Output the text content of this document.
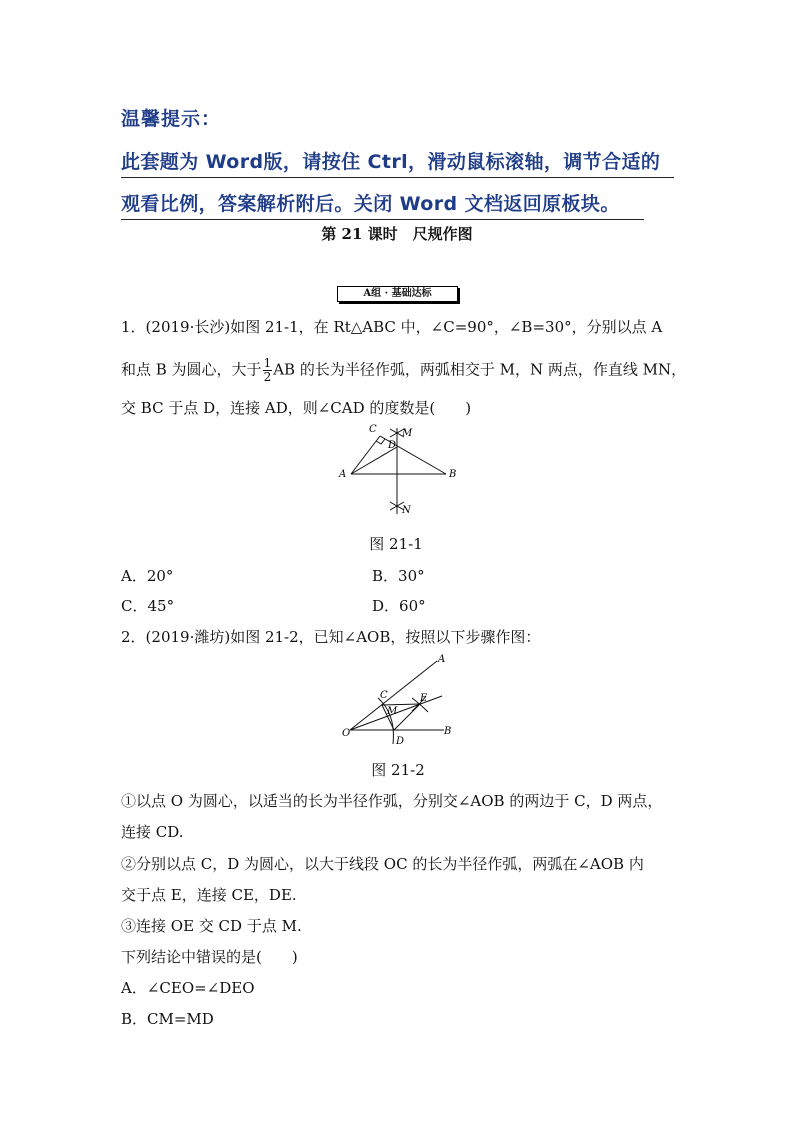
温馨提示：
此套题为 Word版，请按住 Ctrl，滑动鼠标滚轴，调节合适的
观看比例，答案解析附后。关闭 Word 文档返回原板块。
第 21 课时　尺规作图
A组 · 基础达标
1．(2019·长沙)如图 21-1，在 Rt△ABC 中，∠C=90°，∠B=30°，分别以点 A
和点 B 为圆心，大于 $\frac{1}{2}$ AB 的长为半径作弧，两弧相交于 M，N 两点，作直线 MN，
交 BC 于点 D，连接 AD，则∠CAD 的度数是(　　)
A	B
C
D
M
N
图 21-1
A．20°	B．30°
C．45°	D．60°
2．(2019·潍坊)如图 21-2，已知∠AOB，按照以下步骤作图：
O
A
B
C
D
E
M
图 21-2
①以点 O 为圆心，以适当的长为半径作弧，分别交∠AOB 的两边于 C，D 两点，
连接 CD.
②分别以点 C，D 为圆心，以大于线段 OC 的长为半径作弧，两弧在∠AOB 内
交于点 E，连接 CE，DE.
③连接 OE 交 CD 于点 M.
下列结论中错误的是(　　)
A．∠CEO=∠DEO
B．CM=MD
